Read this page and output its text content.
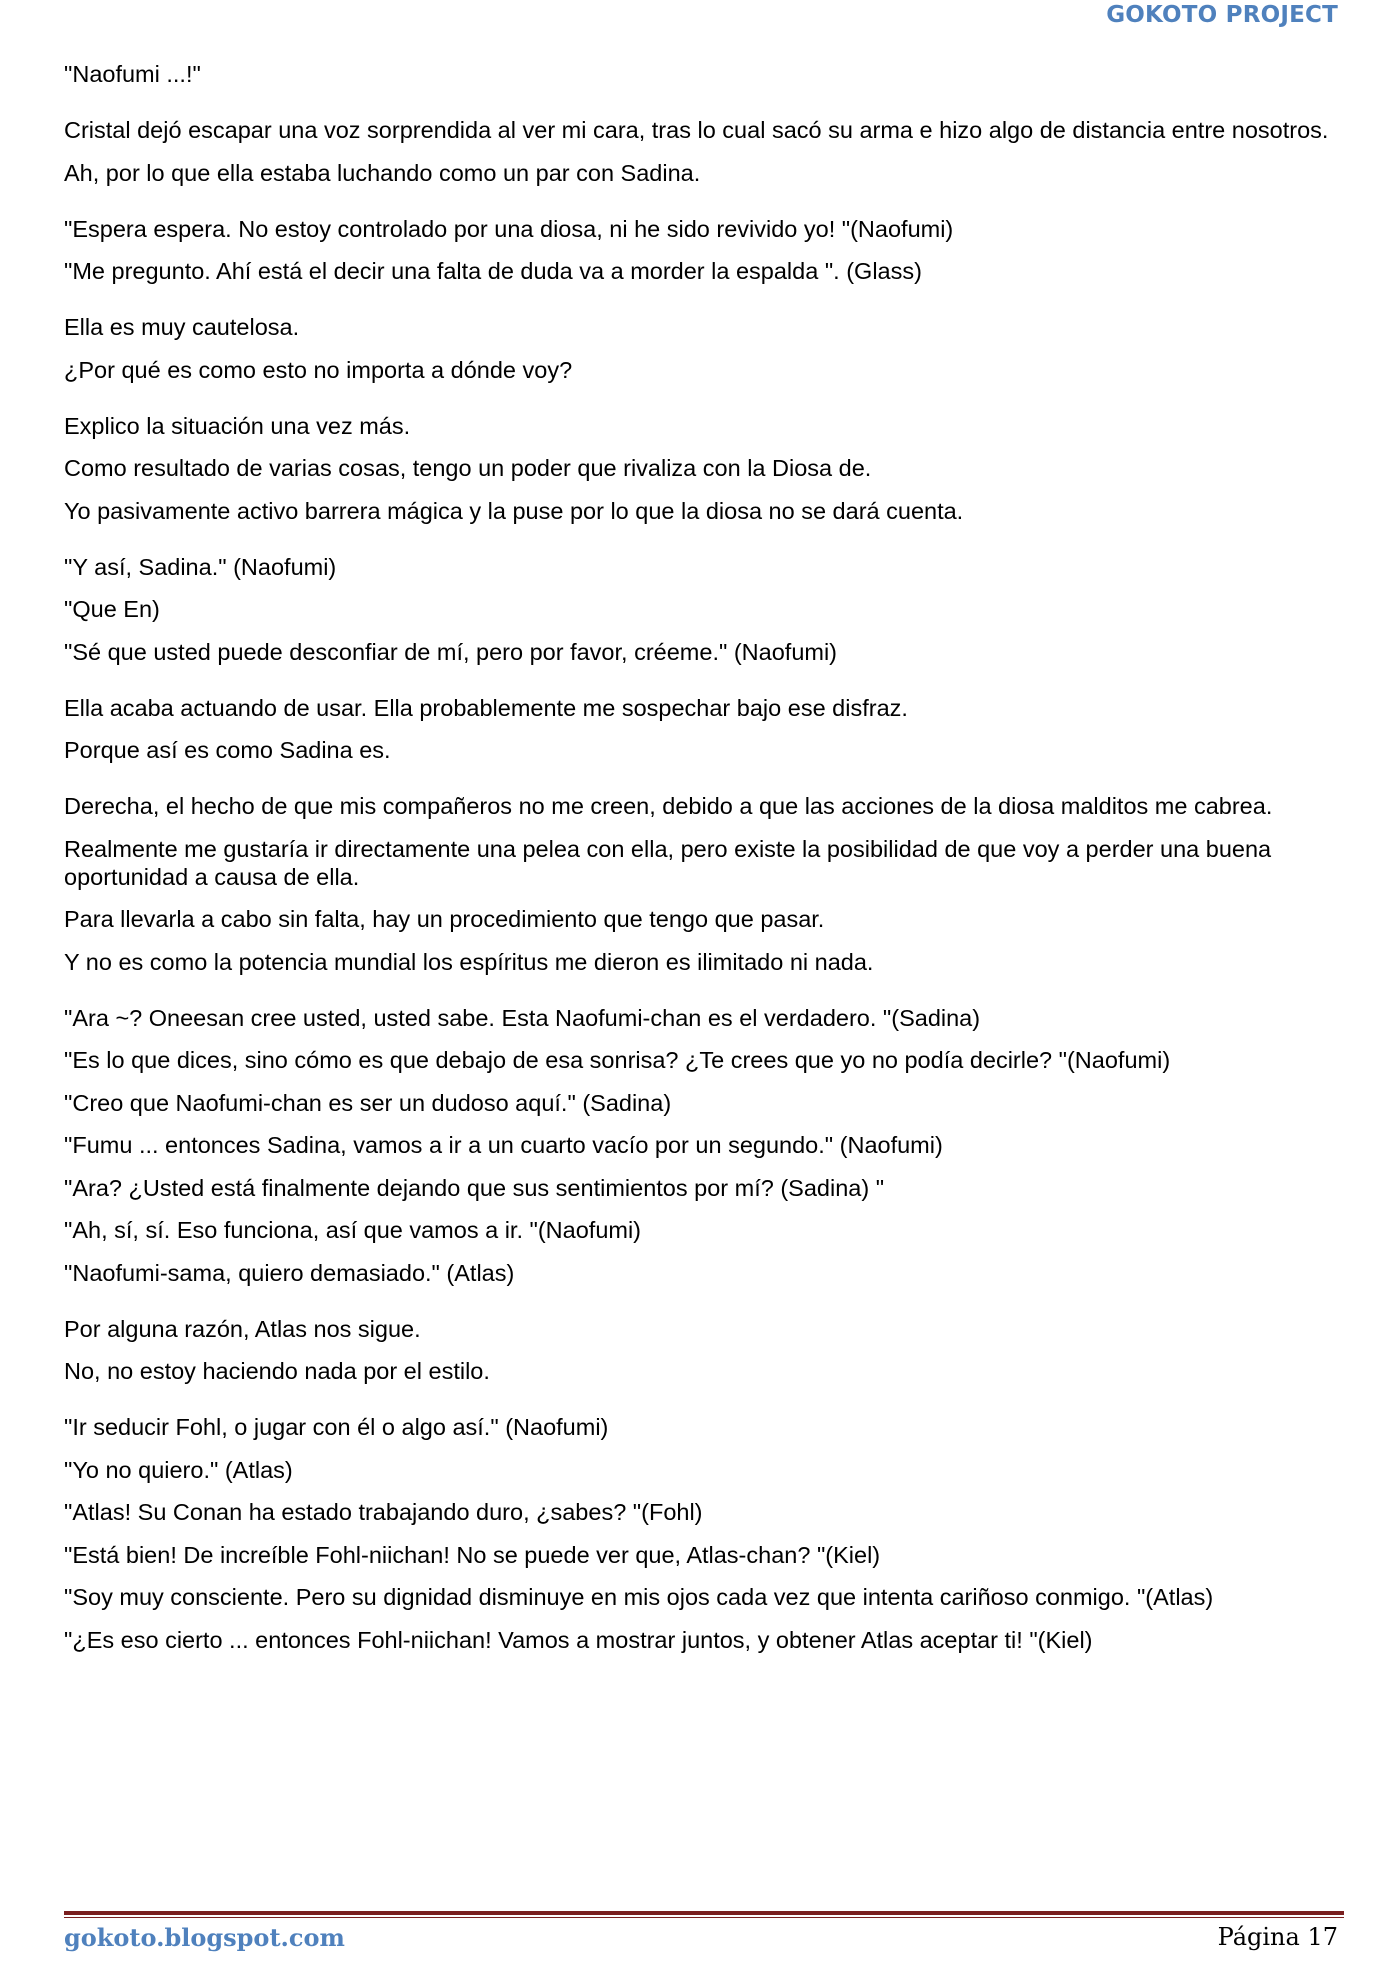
GOKOTO PROJECT

"Naofumi ...!"

Cristal dejó escapar una voz sorprendida al ver mi cara, tras lo cual sacó su arma e hizo algo de distancia entre nosotros.

Ah, por lo que ella estaba luchando como un par con Sadina.

"Espera espera. No estoy controlado por una diosa, ni he sido revivido yo! "(Naofumi)

"Me pregunto. Ahí está el decir una falta de duda va a morder la espalda ". (Glass)

Ella es muy cautelosa.

¿Por qué es como esto no importa a dónde voy?

Explico la situación una vez más.

Como resultado de varias cosas, tengo un poder que rivaliza con la Diosa de.

Yo pasivamente activo barrera mágica y la puse por lo que la diosa no se dará cuenta.

"Y así, Sadina." (Naofumi)

"Que En)

"Sé que usted puede desconfiar de mí, pero por favor, créeme." (Naofumi)

Ella acaba actuando de usar. Ella probablemente me sospechar bajo ese disfraz.

Porque así es como Sadina es.

Derecha, el hecho de que mis compañeros no me creen, debido a que las acciones de la diosa malditos me cabrea.

Realmente me gustaría ir directamente una pelea con ella, pero existe la posibilidad de que voy a perder una buena oportunidad a causa de ella.

Para llevarla a cabo sin falta, hay un procedimiento que tengo que pasar.

Y no es como la potencia mundial los espíritus me dieron es ilimitado ni nada.

"Ara ~? Oneesan cree usted, usted sabe. Esta Naofumi-chan es el verdadero. "(Sadina)

"Es lo que dices, sino cómo es que debajo de esa sonrisa? ¿Te crees que yo no podía decirle? "(Naofumi)

"Creo que Naofumi-chan es ser un dudoso aquí." (Sadina)

"Fumu ... entonces Sadina, vamos a ir a un cuarto vacío por un segundo." (Naofumi)

"Ara? ¿Usted está finalmente dejando que sus sentimientos por mí? (Sadina) "

"Ah, sí, sí. Eso funciona, así que vamos a ir. "(Naofumi)

"Naofumi-sama, quiero demasiado." (Atlas)

Por alguna razón, Atlas nos sigue.

No, no estoy haciendo nada por el estilo.

"Ir seducir Fohl, o jugar con él o algo así." (Naofumi)

"Yo no quiero." (Atlas)

"Atlas! Su Conan ha estado trabajando duro, ¿sabes? "(Fohl)

"Está bien! De increíble Fohl-niichan! No se puede ver que, Atlas-chan? "(Kiel)

"Soy muy consciente. Pero su dignidad disminuye en mis ojos cada vez que intenta cariñoso conmigo. "(Atlas)

"¿Es eso cierto ... entonces Fohl-niichan! Vamos a mostrar juntos, y obtener Atlas aceptar ti! "(Kiel)

gokoto.blogspot.com	Página 17
